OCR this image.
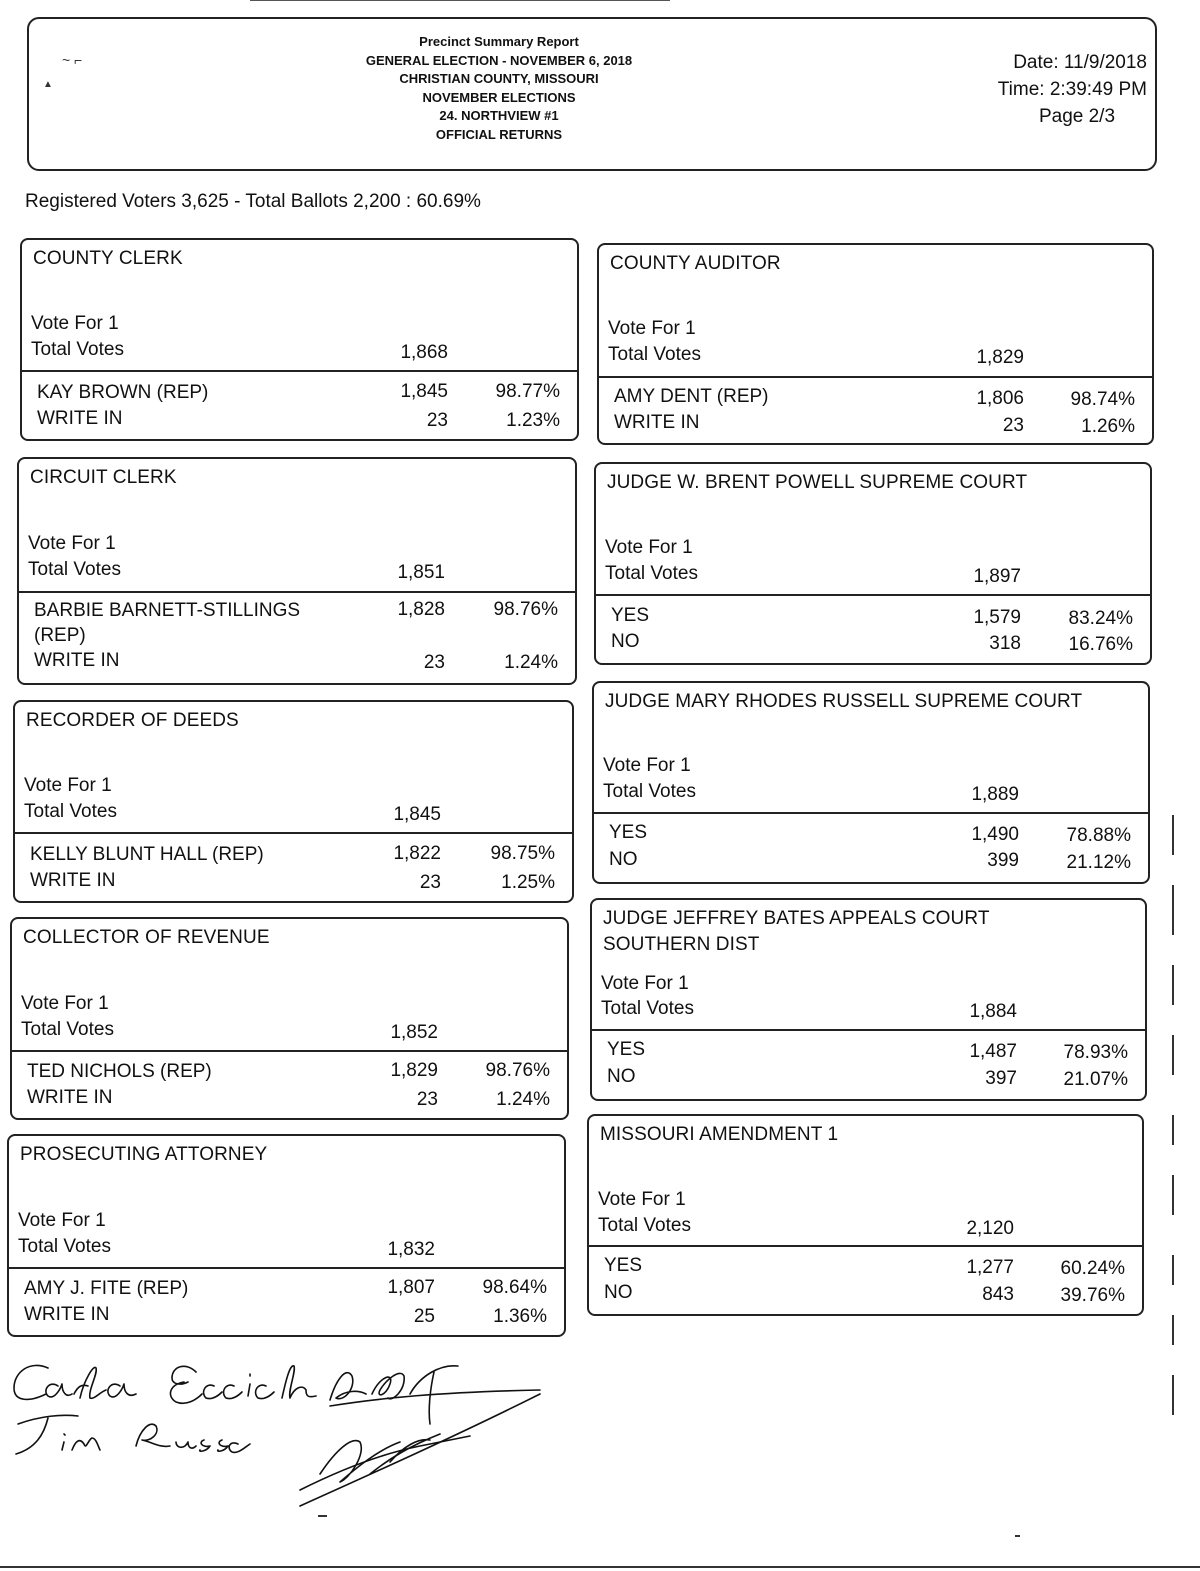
~ ⌐
▲
Precinct Summary Report
GENERAL ELECTION - NOVEMBER 6, 2018
CHRISTIAN COUNTY, MISSOURI
NOVEMBER ELECTIONS
24. NORTHVIEW #1
OFFICIAL RETURNS
Date: 11/9/2018
Time: 2:39:49 PM
Page 2/3
Registered Voters 3,625 - Total Ballots 2,200 : 60.69%
COUNTY CLERK
Vote For 1
Total Votes	1,868
KAY BROWN (REP)	1,845	98.77%
WRITE IN	23	1.23%
CIRCUIT CLERK
Vote For 1
Total Votes	1,851
BARBIE BARNETT-STILLINGS
(REP)
1,828	98.76%
WRITE IN	23	1.24%
RECORDER OF DEEDS
Vote For 1
Total Votes	1,845
KELLY BLUNT HALL (REP)	1,822	98.75%
WRITE IN	23	1.25%
COLLECTOR OF REVENUE
Vote For 1
Total Votes	1,852
TED NICHOLS (REP)	1,829	98.76%
WRITE IN	23	1.24%
PROSECUTING ATTORNEY
Vote For 1
Total Votes	1,832
AMY J. FITE (REP)	1,807	98.64%
WRITE IN	25	1.36%
COUNTY AUDITOR
Vote For 1
Total Votes	1,829
AMY DENT (REP)	1,806	98.74%
WRITE IN	23	1.26%
JUDGE W. BRENT POWELL SUPREME COURT
Vote For 1
Total Votes	1,897
YES	1,579	83.24%
NO	318	16.76%
JUDGE MARY RHODES RUSSELL SUPREME COURT
Vote For 1
Total Votes	1,889
YES	1,490	78.88%
NO	399	21.12%
JUDGE JEFFREY BATES APPEALS COURT
SOUTHERN DIST
Vote For 1
Total Votes	1,884
YES	1,487	78.93%
NO	397	21.07%
MISSOURI AMENDMENT 1
Vote For 1
Total Votes	2,120
YES	1,277	60.24%
NO	843	39.76%
